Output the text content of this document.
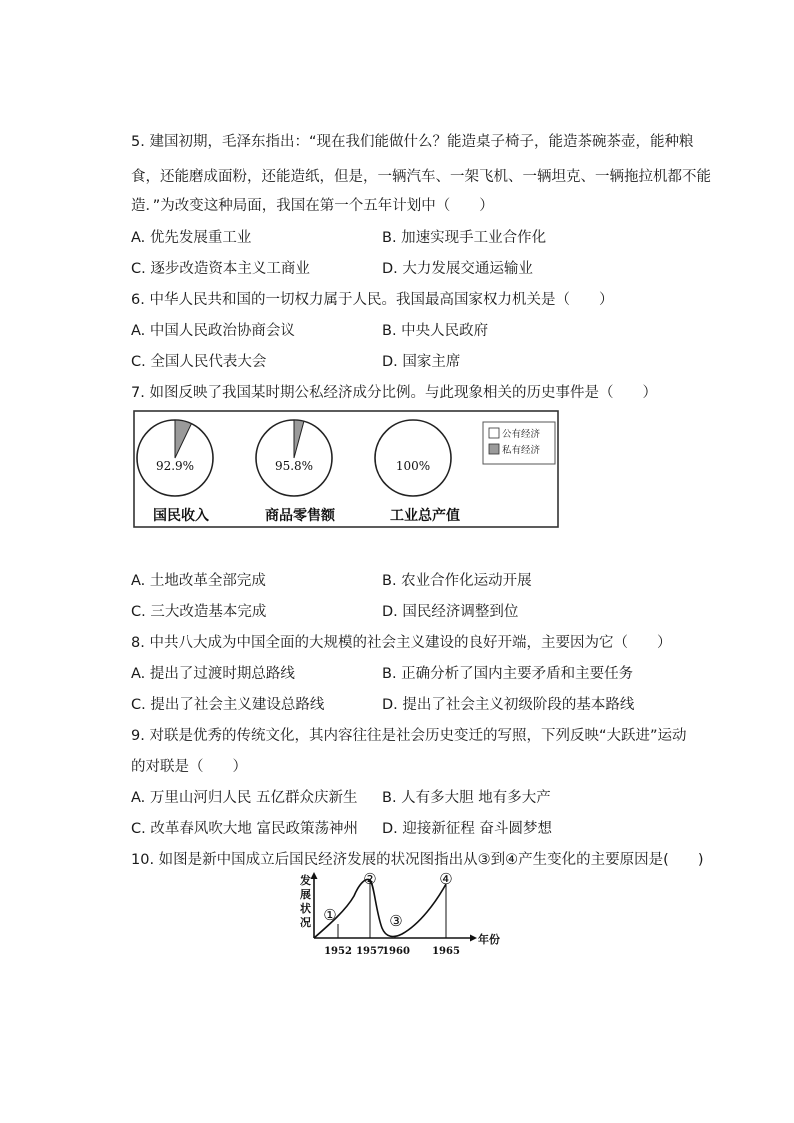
5. 建国初期，毛泽东指出：“现在我们能做什么？能造桌子椅子，能造茶碗茶壶，能种粮
食，还能磨成面粉，还能造纸，但是，一辆汽车、一架飞机、一辆坦克、一辆拖拉机都不能
造．”为改变这种局面，我国在第一个五年计划中（　　）
A. 优先发展重工业	B. 加速实现手工业合作化
C. 逐步改造资本主义工商业	D. 大力发展交通运输业
6. 中华人民共和国的一切权力属于人民。我国最高国家权力机关是（　　）
A. 中国人民政治协商会议	B. 中央人民政府
C. 全国人民代表大会	D. 国家主席
7. 如图反映了我国某时期公私经济成分比例。与此现象相关的历史事件是（　　）
92.9%
国民收入
95.8%
商品零售额
100%
工业总产值
公有经济
私有经济
A. 土地改革全部完成	B. 农业合作化运动开展
C. 三大改造基本完成	D. 国民经济调整到位
8. 中共八大成为中国全面的大规模的社会主义建设的良好开端，主要因为它（　　）
A. 提出了过渡时期总路线	B. 正确分析了国内主要矛盾和主要任务
C. 提出了社会主义建设总路线	D. 提出了社会主义初级阶段的基本路线
9. 对联是优秀的传统文化，其内容往往是社会历史变迁的写照，下列反映“大跃进”运动
的对联是（　　）
A. 万里山河归人民 五亿群众庆新生 B. 人有多大胆 地有多大产
C. 改革春风吹大地 富民政策荡神州 D. 迎接新征程 奋斗圆梦想
10. 如图是新中国成立后国民经济发展的状况图指出从③到④产生变化的主要原因是(　　)
发展状况
年份
①
②
③
④
1952 1957
1960 1965
